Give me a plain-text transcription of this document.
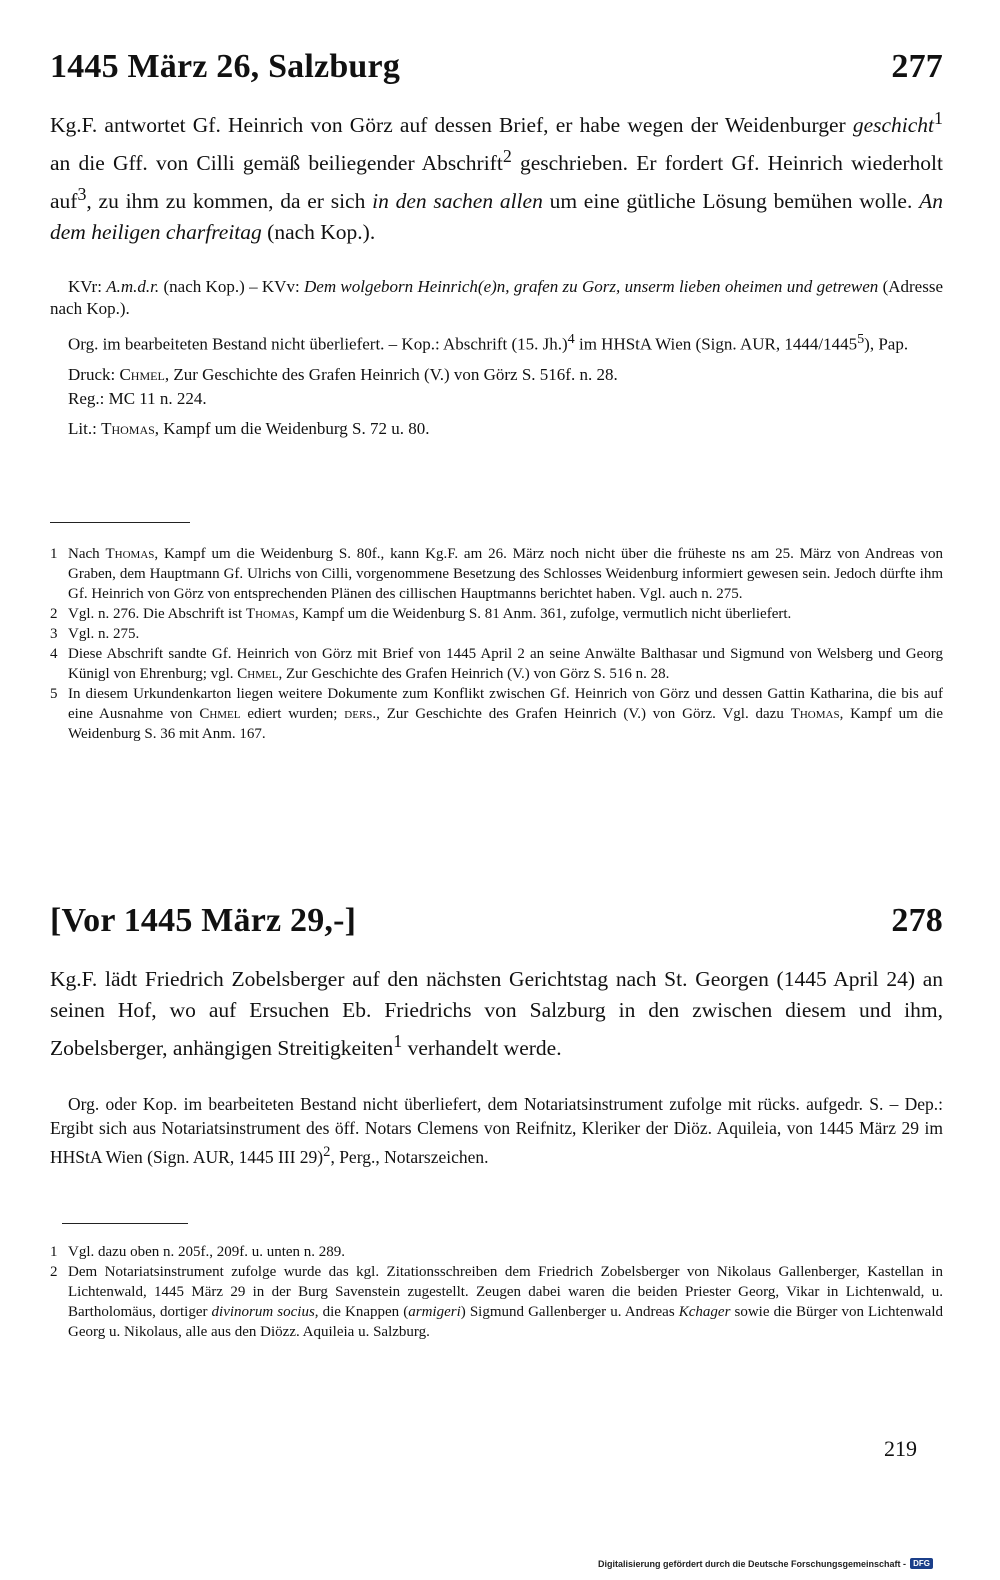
1445 März 26, Salzburg	277
Kg.F. antwortet Gf. Heinrich von Görz auf dessen Brief, er habe wegen der Weidenburger geschicht$^1$ an die Gff. von Cilli gemäß beiliegender Abschrift$^2$ geschrieben. Er fordert Gf. Heinrich wiederholt auf$^3$, zu ihm zu kommen, da er sich in den sachen allen um eine gütliche Lösung bemühen wolle. An dem heiligen charfreitag (nach Kop.).

KVr: A.m.d.r. (nach Kop.) – KVv: Dem wolgeborn Heinrich(e)n, grafen zu Gorz, unserm lieben oheimen und getrewen (Adresse nach Kop.).

Org. im bearbeiteten Bestand nicht überliefert. – Kop.: Abschrift (15. Jh.)$^4$ im HHStA Wien (Sign. AUR, 1444/1445$^5$), Pap.

Druck: Chmel, Zur Geschichte des Grafen Heinrich (V.) von Görz S. 516f. n. 28.

Reg.: MC 11 n. 224.

Lit.: Thomas, Kampf um die Weidenburg S. 72 u. 80.

1 Nach Thomas, Kampf um die Weidenburg S. 80f., kann Kg.F. am 26. März noch nicht über die früheste ns am 25. März von Andreas von Graben, dem Hauptmann Gf. Ulrichs von Cilli, vorgenommene Besetzung des Schlosses Weidenburg informiert gewesen sein. Jedoch dürfte ihm Gf. Heinrich von Görz von entsprechenden Plänen des cillischen Hauptmanns berichtet haben. Vgl. auch n. 275.
2 Vgl. n. 276. Die Abschrift ist Thomas, Kampf um die Weidenburg S. 81 Anm. 361, zufolge, vermutlich nicht überliefert.
3 Vgl. n. 275.
4 Diese Abschrift sandte Gf. Heinrich von Görz mit Brief von 1445 April 2 an seine Anwälte Balthasar und Sigmund von Welsberg und Georg Künigl von Ehrenburg; vgl. Chmel, Zur Geschichte des Grafen Heinrich (V.) von Görz S. 516 n. 28.
5 In diesem Urkundenkarton liegen weitere Dokumente zum Konflikt zwischen Gf. Heinrich von Görz und dessen Gattin Katharina, die bis auf eine Ausnahme von Chmel ediert wurden; ders., Zur Geschichte des Grafen Heinrich (V.) von Görz. Vgl. dazu Thomas, Kampf um die Weidenburg S. 36 mit Anm. 167.
[Vor 1445 März 29,-]	278
Kg.F. lädt Friedrich Zobelsberger auf den nächsten Gerichtstag nach St. Georgen (1445 April 24) an seinen Hof, wo auf Ersuchen Eb. Friedrichs von Salzburg in den zwischen diesem und ihm, Zobelsberger, anhängigen Streitigkeiten$^1$ verhandelt werde.

Org. oder Kop. im bearbeiteten Bestand nicht überliefert, dem Notariatsinstrument zufolge mit rücks. aufgedr. S. – Dep.: Ergibt sich aus Notariatsinstrument des öff. Notars Clemens von Reifnitz, Kleriker der Diöz. Aquileia, von 1445 März 29 im HHStA Wien (Sign. AUR, 1445 III 29)$^2$, Perg., Notarszeichen.

1 Vgl. dazu oben n. 205f., 209f. u. unten n. 289.
2 Dem Notariatsinstrument zufolge wurde das kgl. Zitationsschreiben dem Friedrich Zobelsberger von Nikolaus Gallenberger, Kastellan in Lichtenwald, 1445 März 29 in der Burg Savenstein zugestellt. Zeugen dabei waren die beiden Priester Georg, Vikar in Lichtenwald, u. Bartholomäus, dortiger divinorum socius, die Knappen (armigeri) Sigmund Gallenberger u. Andreas Kchager sowie die Bürger von Lichtenwald Georg u. Nikolaus, alle aus den Diözz. Aquileia u. Salzburg.
219
Digitalisierung gefördert durch die Deutsche Forschungsgemeinschaft - DFG
